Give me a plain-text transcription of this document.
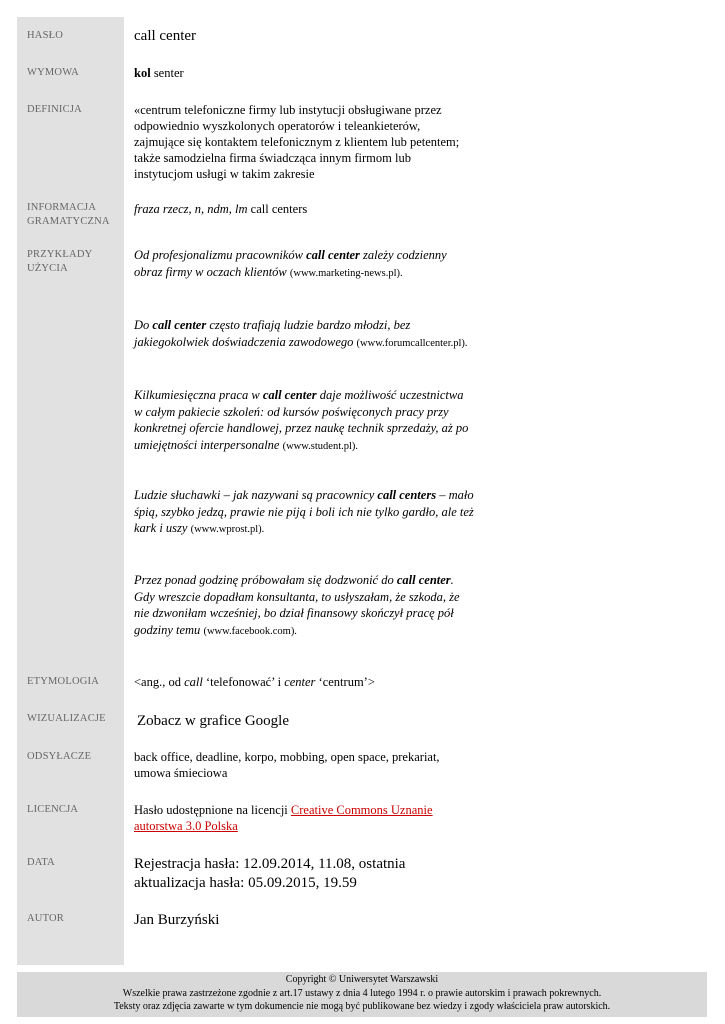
HASŁO
WYMOWA
DEFINICJA
INFORMACJA
GRAMATYCZNA
PRZYKŁADY
UŻYCIA
ETYMOLOGIA
WIZUALIZACJE
ODSYŁACZE
LICENCJA
DATA
AUTOR
call center
kol senter
«centrum telefoniczne firmy lub instytucji obsługiwane przez
odpowiednio wyszkolonych operatorów i teleankieterów,
zajmujące się kontaktem telefonicznym z klientem lub petentem;
także samodzielna firma świadcząca innym firmom lub
instytucjom usługi w takim zakresie
fraza rzecz, n, ndm, lm call centers
Od profesjonalizmu pracowników call center zależy codzienny obraz firmy w oczach klientów (www.marketing-news.pl).
Do call center często trafiają ludzie bardzo młodzi, bez jakiegokolwiek doświadczenia zawodowego (www.forumcallcenter.pl).
Kilkumiesięczna praca w call center daje możliwość uczestnictwa w całym pakiecie szkoleń: od kursów poświęconych pracy przy konkretnej ofercie handlowej, przez naukę technik sprzedaży, aż po umiejętności interpersonalne (www.student.pl).
Ludzie słuchawki – jak nazywani są pracownicy call centers – mało śpią, szybko jedzą, prawie nie piją i boli ich nie tylko gardło, ale też kark i uszy (www.wprost.pl).
Przez ponad godzinę próbowałam się dodzwonić do call center. Gdy wreszcie dopadłam konsultanta, to usłyszałam, że szkoda, że nie dzwoniłam wcześniej, bo dział finansowy skończył pracę pół godziny temu (www.facebook.com).
<ang., od call ‘telefonować’ i center ‘centrum’>
Zobacz w grafice Google
back office, deadline, korpo, mobbing, open space, prekariat,
umowa śmieciowa
Hasło udostępnione na licencji Creative Commons Uznanie
autorstwa 3.0 Polska
Rejestracja hasła: 12.09.2014, 11.08, ostatnia
aktualizacja hasła: 05.09.2015, 19.59
Jan Burzyński
Copyright © Uniwersytet Warszawski
Wszelkie prawa zastrzeżone zgodnie z art.17 ustawy z dnia 4 lutego 1994 r. o prawie autorskim i prawach pokrewnych.
Teksty oraz zdjęcia zawarte w tym dokumencie nie mogą być publikowane bez wiedzy i zgody właściciela praw autorskich.
